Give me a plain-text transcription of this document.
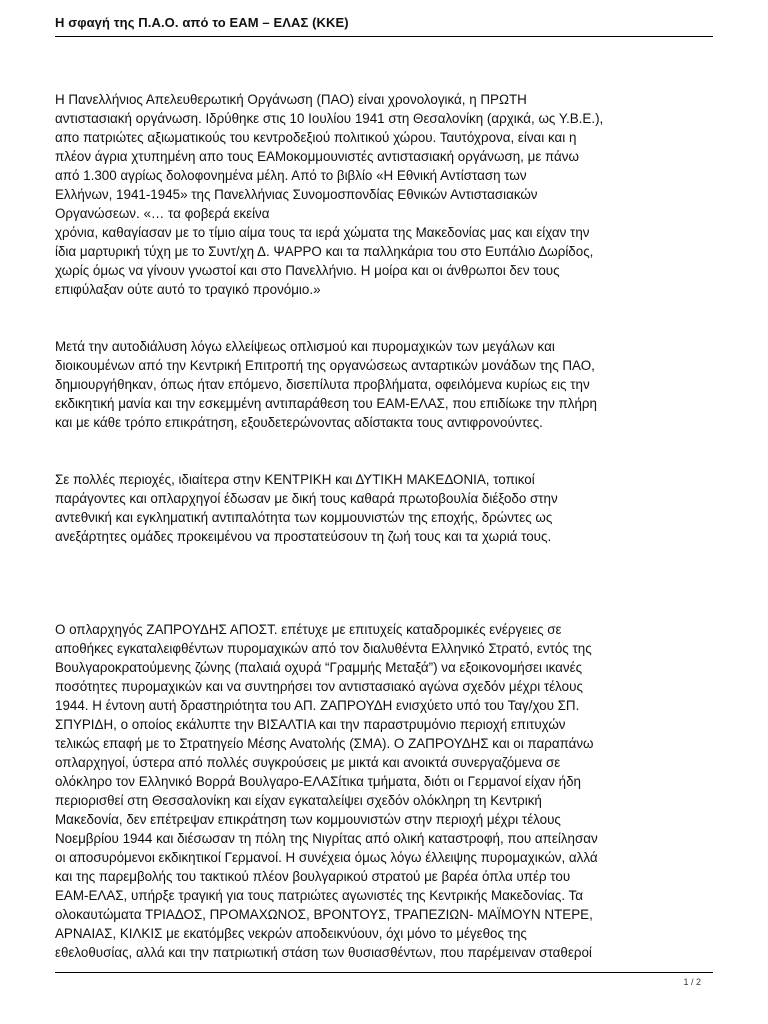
Η σφαγή της Π.Α.Ο. από το ΕΑΜ – ΕΛΑΣ (ΚΚΕ)

Η Πανελλήνιος Απελευθερωτική Οργάνωση (ΠΑΟ) είναι χρονολογικά, η ΠΡΩΤΗ
αντιστασιακή οργάνωση. Ιδρύθηκε στις 10 Ιουλίου 1941 στη Θεσαλονίκη (αρχικά, ως Υ.Β.Ε.),
απο πατριώτες αξιωματικούς του κεντροδεξιού πολιτικού χώρου. Ταυτόχρονα, είναι και η
πλέον άγρια χτυπημένη απο τους ΕΑΜοκομμουνιστές αντιστασιακή οργάνωση, με πάνω
από 1.300 αγρίως δολοφονημένα μέλη. Από το βιβλίο «Η Εθνική Αντίσταση των
Ελλήνων, 1941-1945» της Πανελλήνιας Συνομοσπονδίας Εθνικών Αντιστασιακών
Οργανώσεων. «… τα φοβερά εκείνα
χρόνια, καθαγίασαν με το τίμιο αίμα τους τα ιερά χώματα της Μακεδονίας μας και είχαν την
ίδια μαρτυρική τύχη με το Συντ/χη Δ. ΨΑΡΡΟ και τα παλληκάρια του στο Ευπάλιο Δωρίδος,
χωρίς όμως να γίνουν γνωστοί και στο Πανελλήνιο. Η μοίρα και οι άνθρωποι δεν τους
επιφύλαξαν ούτε αυτό το τραγικό προνόμιο.»

Μετά την αυτοδιάλυση λόγω ελλείψεως οπλισμού και πυρομαχικών των μεγάλων και
διοικουμένων από την Κεντρική Επιτροπή της οργανώσεως ανταρτικών μονάδων της ΠΑΟ,
δημιουργήθηκαν, όπως ήταν επόμενο, δισεπίλυτα προβλήματα, οφειλόμενα κυρίως εις την
εκδικητική μανία και την εσκεμμένη αντιπαράθεση του ΕΑΜ-ΕΛΑΣ, που επιδίωκε την πλήρη
και με κάθε τρόπο επικράτηση, εξουδετερώνοντας αδίστακτα τους αντιφρονούντες.

Σε πολλές περιοχές, ιδιαίτερα στην ΚΕΝΤΡΙΚΗ και ΔΥΤΙΚΗ ΜΑΚΕΔΟΝΙΑ, τοπικοί
παράγοντες και οπλαρχηγοί έδωσαν με δική τους καθαρά πρωτοβουλία διέξοδο στην
αντεθνική και εγκληματική αντιπαλότητα των κομμουνιστών της εποχής, δρώντες ως
ανεξάρτητες ομάδες προκειμένου να προστατεύσουν τη ζωή τους και τα χωριά τους.

Ο οπλαρχηγός ΖΑΠΡΟΥΔΗΣ ΑΠΟΣΤ. επέτυχε με επιτυχείς καταδρομικές ενέργειες σε
αποθήκες εγκαταλειφθέντων πυρομαχικών από τον διαλυθέντα Ελληνικό Στρατό, εντός της
Βουλγαροκρατούμενης ζώνης (παλαιά οχυρά “Γραμμής Μεταξά”) να εξοικονομήσει ικανές
ποσότητες πυρομαχικών και να συντηρήσει τον αντιστασιακό αγώνα σχεδόν μέχρι τέλους
1944. Η έντονη αυτή δραστηριότητα του ΑΠ. ΖΑΠΡΟΥΔΗ ενισχύετο υπό του Ταγ/χου ΣΠ.
ΣΠΥΡΙΔΗ, ο οποίος εκάλυπτε την ΒΙΣΑΛΤΙΑ και την παραστρυμόνιο περιοχή επιτυχών
τελικώς επαφή με το Στρατηγείο Μέσης Ανατολής (ΣΜΑ). Ο ΖΑΠΡΟΥΔΗΣ και οι παραπάνω
οπλαρχηγοί, ύστερα από πολλές συγκρούσεις με μικτά και ανοικτά συνεργαζόμενα σε
ολόκληρο τον Ελληνικό Βορρά Βουλγαρο-ΕΛΑΣίτικα τμήματα, διότι οι Γερμανοί είχαν ήδη
περιορισθεί στη Θεσσαλονίκη και είχαν εγκαταλείψει σχεδόν ολόκληρη τη Κεντρική
Μακεδονία, δεν επέτρεψαν επικράτηση των κομμουνιστών στην περιοχή μέχρι τέλους
Νοεμβρίου 1944 και διέσωσαν τη πόλη της Νιγρίτας από ολική καταστροφή, που απείλησαν
οι αποσυρόμενοι εκδικητικοί Γερμανοί. Η συνέχεια όμως λόγω έλλειψης πυρομαχικών, αλλά
και της παρεμβολής του τακτικού πλέον βουλγαρικού στρατού με βαρέα όπλα υπέρ του
ΕΑΜ-ΕΛΑΣ, υπήρξε τραγική για τους πατριώτες αγωνιστές της Κεντρικής Μακεδονίας. Τα
ολοκαυτώματα ΤΡΙΑΔΟΣ, ΠΡΟΜΑΧΩΝΟΣ, ΒΡΟΝΤΟΥΣ, ΤΡΑΠΕΖΙΩΝ- ΜΑΪΜΟΥΝ ΝΤΕΡΕ,
ΑΡΝΑΙΑΣ, ΚΙΛΚΙΣ με εκατόμβες νεκρών αποδεικνύουν, όχι μόνο το μέγεθος της
εθελοθυσίας, αλλά και την πατριωτική στάση των θυσιασθέντων, που παρέμειναν σταθεροί

1 / 2
